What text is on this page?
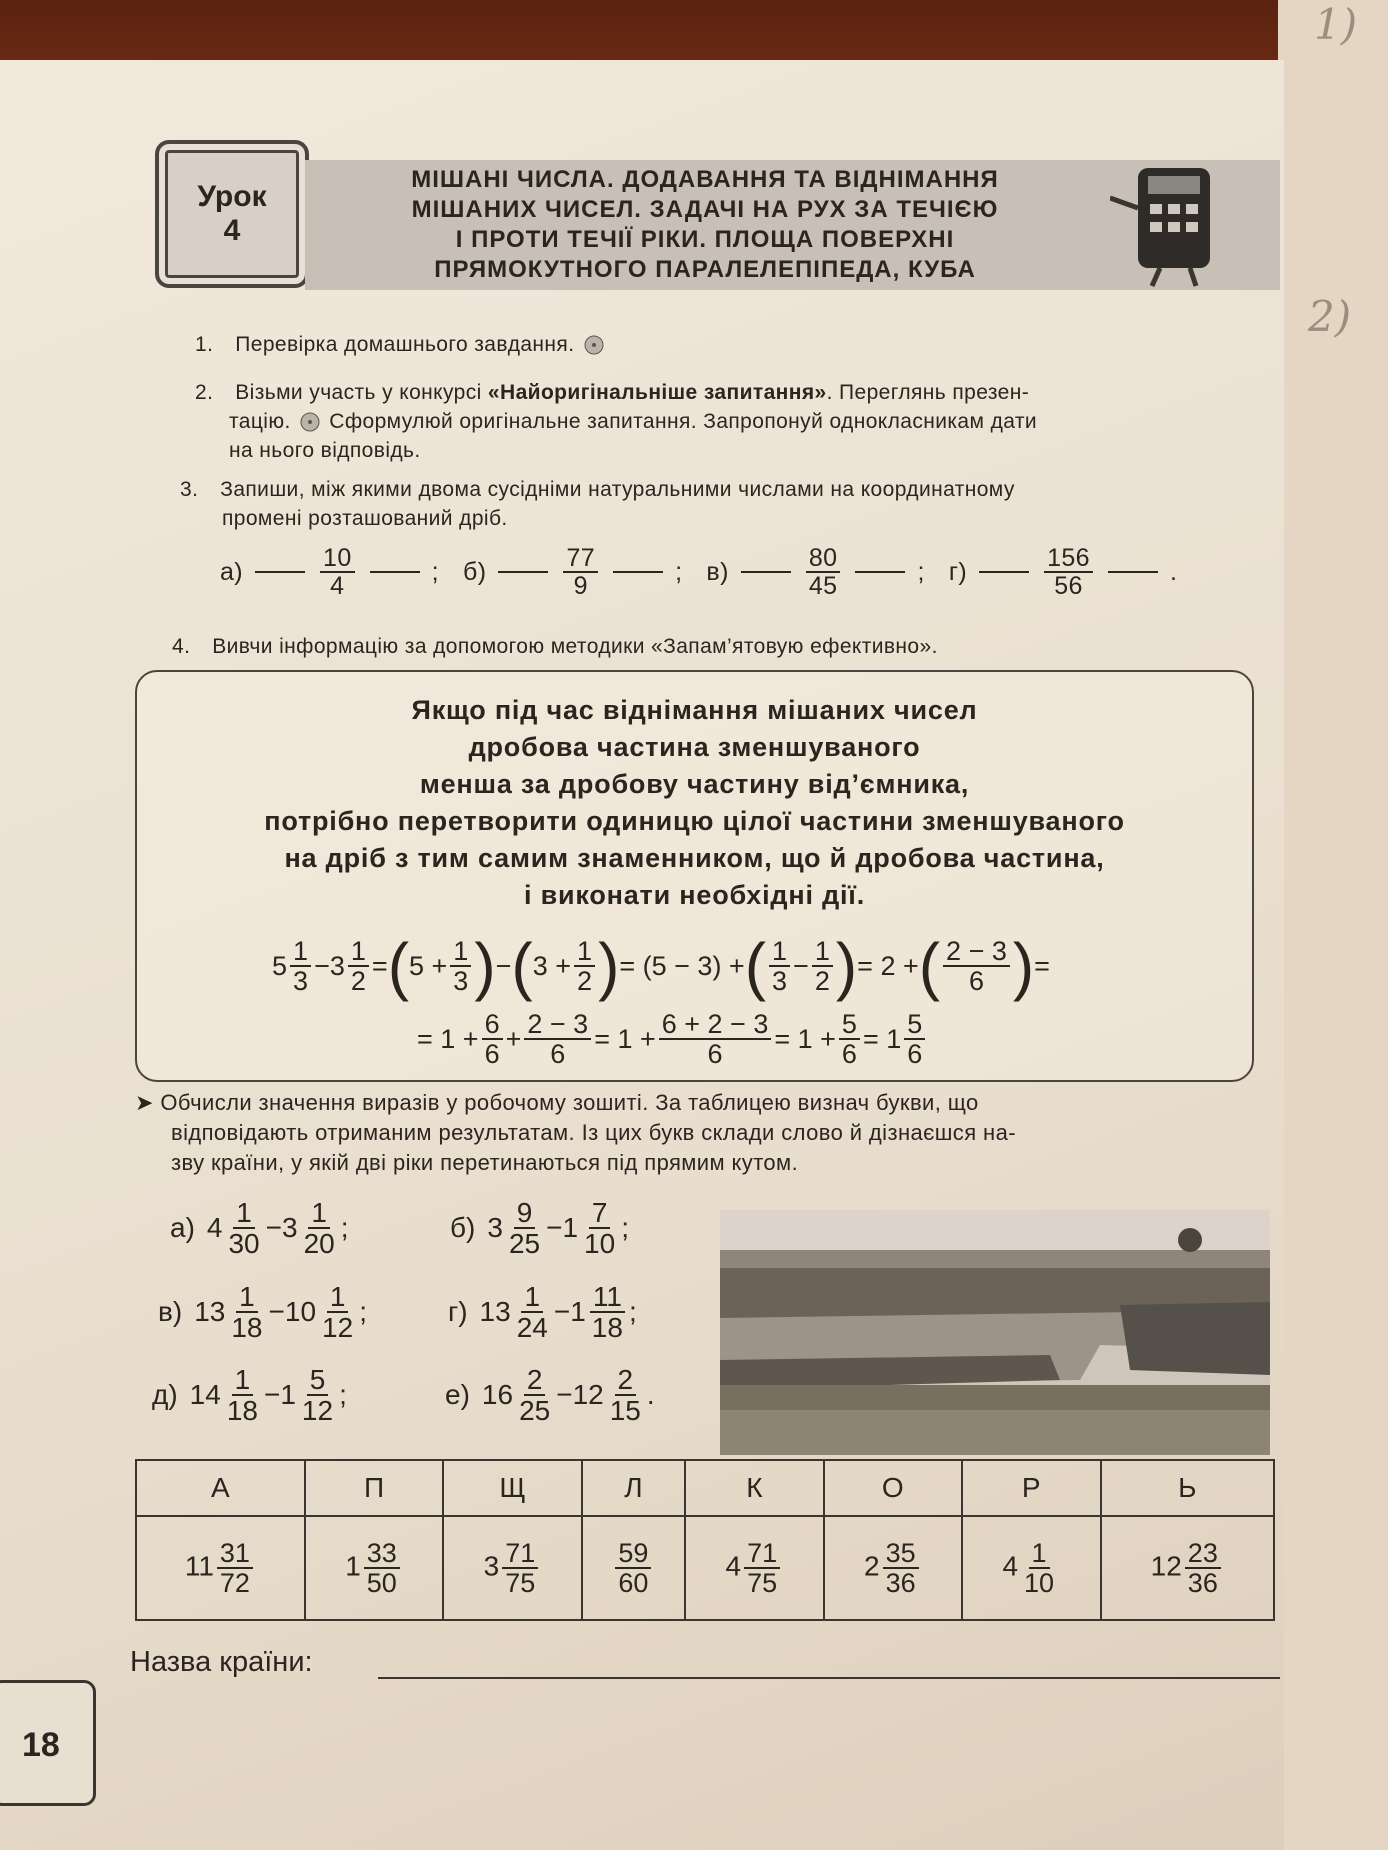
1)
2)
Урок
4
МІШАНІ ЧИСЛА. ДОДАВАННЯ ТА ВІДНІМАННЯ
МІШАНИХ ЧИСЕЛ. ЗАДАЧІ НА РУХ ЗА ТЕЧІЄЮ
І ПРОТИ ТЕЧІЇ РІКИ. ПЛОЩА ПОВЕРХНІ
ПРЯМОКУТНОГО ПАРАЛЕЛЕПІПЕДА, КУБА
1. Перевірка домашнього завдання.
2. Візьми участь у конкурсі «Найоригінальніше запитання». Переглянь презен-
тацію. Сформулюй оригінальне запитання. Запропонуй однокласникам дати
на нього відповідь.
3. Запиши, між якими двома сусідніми натуральними числами на координатному
промені розташований дріб.
а)	$\frac{10}{4}$	; б)	$\frac{77}{9}$	; в)	$\frac{80}{45}$	; г)	$\frac{156}{56}$	.
4. Вивчи інформацію за допомогою методики «Запам’ятовую ефективно».
Якщо під час віднімання мішаних чисел
дробова частина зменшуваного
менша за дробову частину від’ємника,
потрібно перетворити одиницю цілої частини зменшуваного
на дріб з тим самим знаменником, що й дробова частина,
і виконати необхідні дії.
$5 \frac{1}{3} - 3 \frac{1}{2}$ = ( $5 + \frac{1}{3}$ ) − ( $3 + \frac{1}{2}$ ) = (5 − 3) + ( $\frac{1}{3} - \frac{1}{2}$ ) = 2 + ( $\frac{2 - 3}{6}$ ) =
= $1 + \frac{6}{6} + \frac{2 - 3}{6} = 1 + \frac{6 + 2 - 3}{6} = 1 + \frac{5}{6} = 1 \frac{5}{6}$
➤ Обчисли значення виразів у робочому зошиті. За таблицею визнач букви, що
відповідають отриманим результатам. Із цих букв склади слово й дізнаєшся на-
зву країни, у якій дві ріки перетинаються під прямим кутом.
а) $4 \frac{1}{30} - 3 \frac{1}{20}$ ;	б) $3 \frac{9}{25} - 1 \frac{7}{10}$ ;
в) $13 \frac{1}{18} - 10 \frac{1}{12}$ ;	г) $13 \frac{1}{24} - 1 \frac{11}{18}$ ;
д) $14 \frac{1}{18} - 1 \frac{5}{12}$ ;	е) $16 \frac{2}{25} - 12 \frac{2}{15}$ .
А	П	Щ	Л	К	О	Р	Ь
$11 \frac{31}{72}$	$1 \frac{33}{50}$	$3 \frac{71}{75}$	$\frac{59}{60}$	$4 \frac{71}{75}$	$2 \frac{35}{36}$	$4 \frac{1}{10}$	$12 \frac{23}{36}$
Назва країни:
18
